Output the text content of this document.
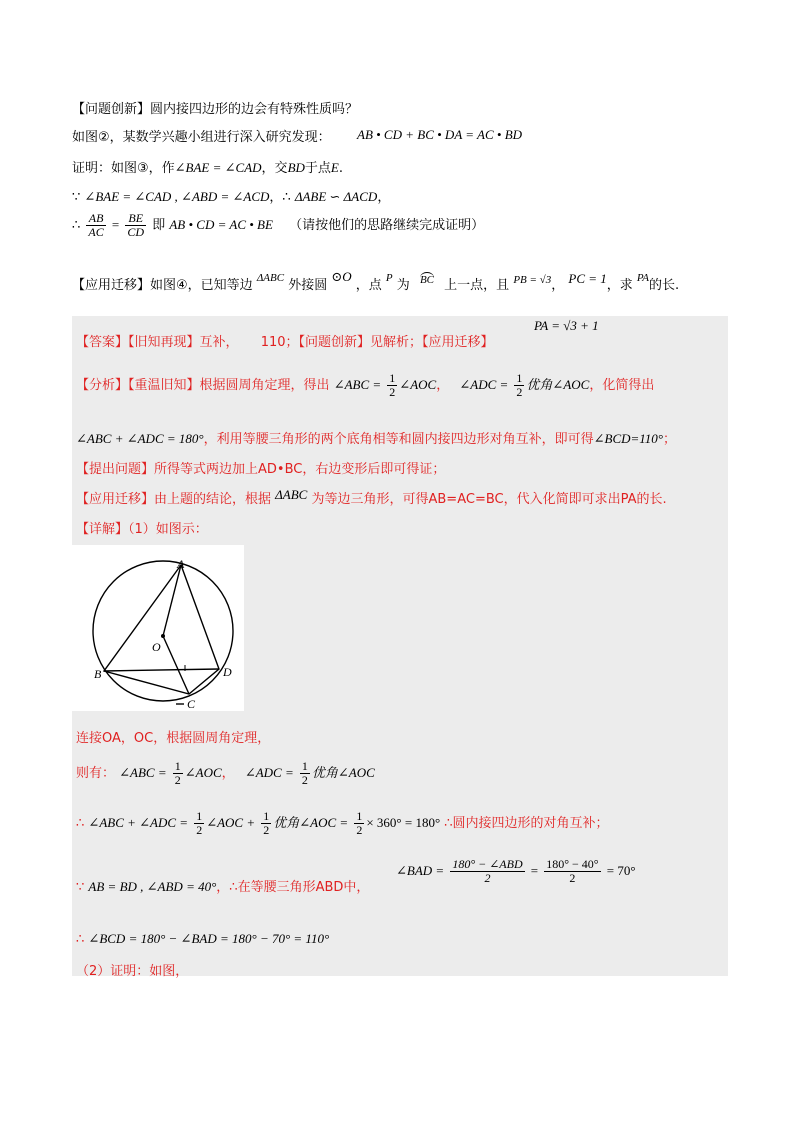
【问题创新】圆内接四边形的边会有特殊性质吗？
如图②，某数学兴趣小组进行深入研究发现： AB • CD + BC • DA = AC • BD
证明：如图③，作∠BAE = ∠CAD，交BD于点E.
∵ ∠BAE = ∠CAD , ∠ABD = ∠ACD，∴ ΔABE ∽ ΔACD，
∴ $\frac{AB}{AC} = \frac{BE}{CD}$ 即 AB • CD = AC • BE （请按他们的思路继续完成证明）
【应用迁移】如图④，已知等边 $^{\Delta ABC}$ 外接圆 ⊙O ，点 $^P$ 为 $^{BC}$ 上一点，且 $^{PB = √3}$， PC = 1，求 $^{PA}$的长.
【答案】【旧知再现】互补， 110；【问题创新】见解析；【应用迁移】
PA = √3 + 1
【分析】【重温旧知】根据圆周角定理，得出 ∠ABC = $\frac{1}{2}$ ∠AOC， ∠ADC = $\frac{1}{2}$ 优角∠AOC，化简得出
∠ABC + ∠ADC = 180°，利用等腰三角形的两个底角相等和圆内接四边形对角互补，即可得∠BCD=110°；
【提出问题】所得等式两边加上AD•BC，右边变形后即可得证；
【应用迁移】由上题的结论，根据 ΔABC 为等边三角形，可得AB=AC=BC，代入化简即可求出PA的长.
【详解】（1）如图示：
A
B
C
D
O
连接OA，OC，根据圆周角定理，
则有： ∠ABC = $\frac{1}{2}$ ∠AOC， ∠ADC = $\frac{1}{2}$ 优角∠AOC
∴ ∠ABC + ∠ADC = $\frac{1}{2}$ ∠AOC + $\frac{1}{2}$ 优角∠AOC = $\frac{1}{2} \times 360^\circ = 180^\circ$ ∴圆内接四边形的对角互补；
∵ AB = BD , ∠ABD = 40°，∴在等腰三角形ABD中，
∠BAD = $\frac{\text{180° − ∠ABD}}{2} = \frac{180^\circ - 40^\circ}{2} = 70^\circ$
∴ ∠BCD = 180° − ∠BAD = 180° − 70° = 110°
（2）证明：如图，
